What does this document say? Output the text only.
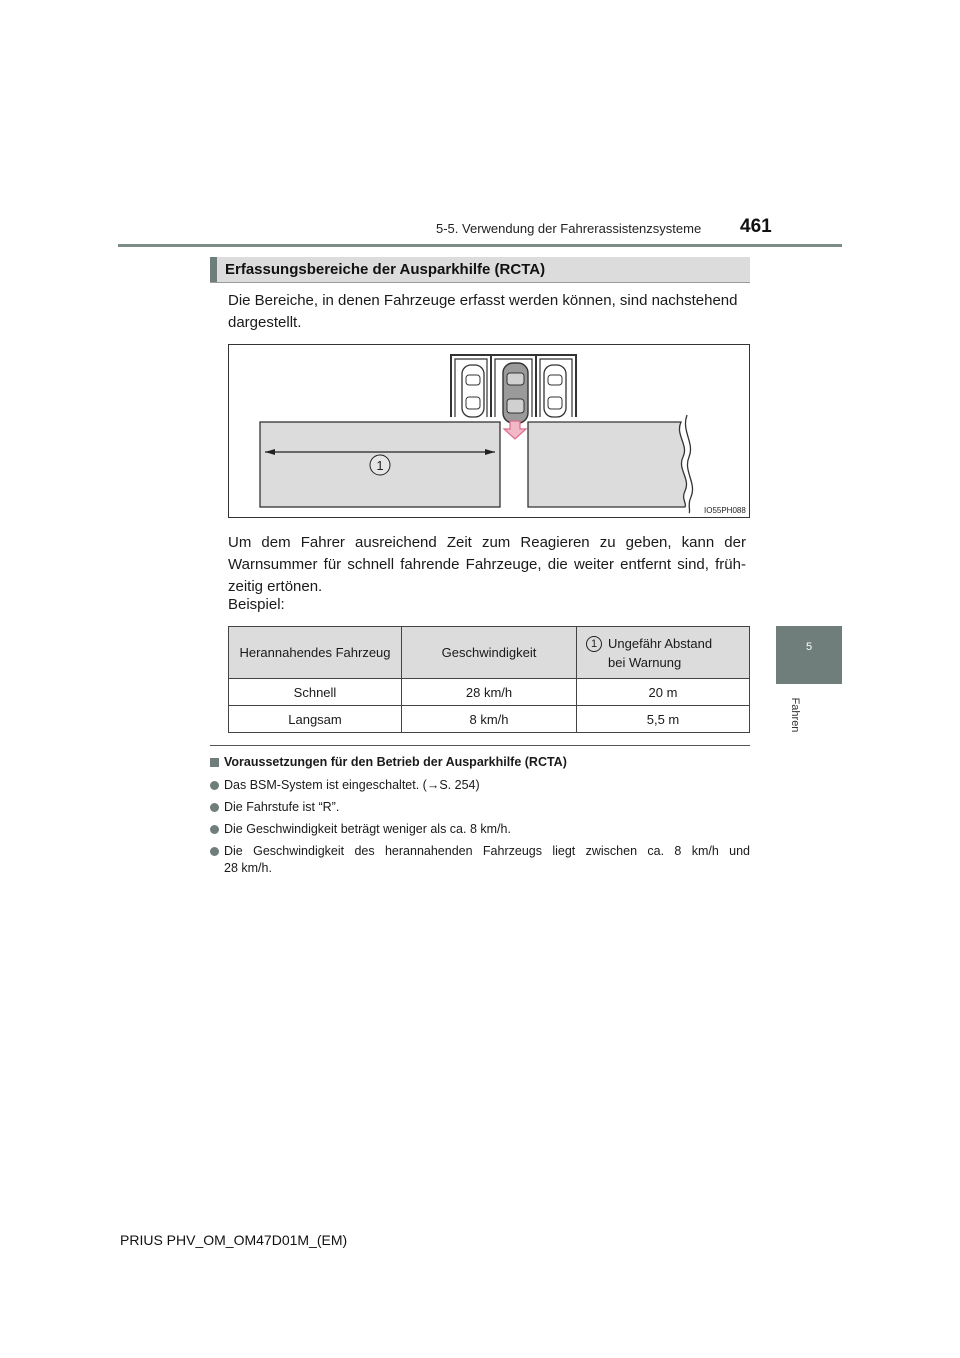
5-5. Verwendung der Fahrerassistenzsysteme 461
5
Fahren
Erfassungsbereiche der Ausparkhilfe (RCTA)
Die Bereiche, in denen Fahrzeuge erfasst werden können, sind nachstehend dargestellt.
1
IO55PH088
Um dem Fahrer ausreichend Zeit zum Reagieren zu geben, kann der
Warnsummer für schnell fahrende Fahrzeuge, die weiter entfernt sind, früh-
zeitig ertönen.
Beispiel:
Herannahendes Fahrzeug	Geschwindigkeit	1 Ungefähr Abstand
bei Warnung
Schnell	28 km/h	20 m
Langsam	8 km/h	5,5 m
Voraussetzungen für den Betrieb der Ausparkhilfe (RCTA)
Das BSM-System ist eingeschaltet. (→S. 254)
Die Fahrstufe ist “R”.
Die Geschwindigkeit beträgt weniger als ca. 8 km/h.
Die Geschwindigkeit des herannahenden Fahrzeugs liegt zwischen ca. 8 km/h und
28 km/h.
PRIUS PHV_OM_OM47D01M_(EM)
